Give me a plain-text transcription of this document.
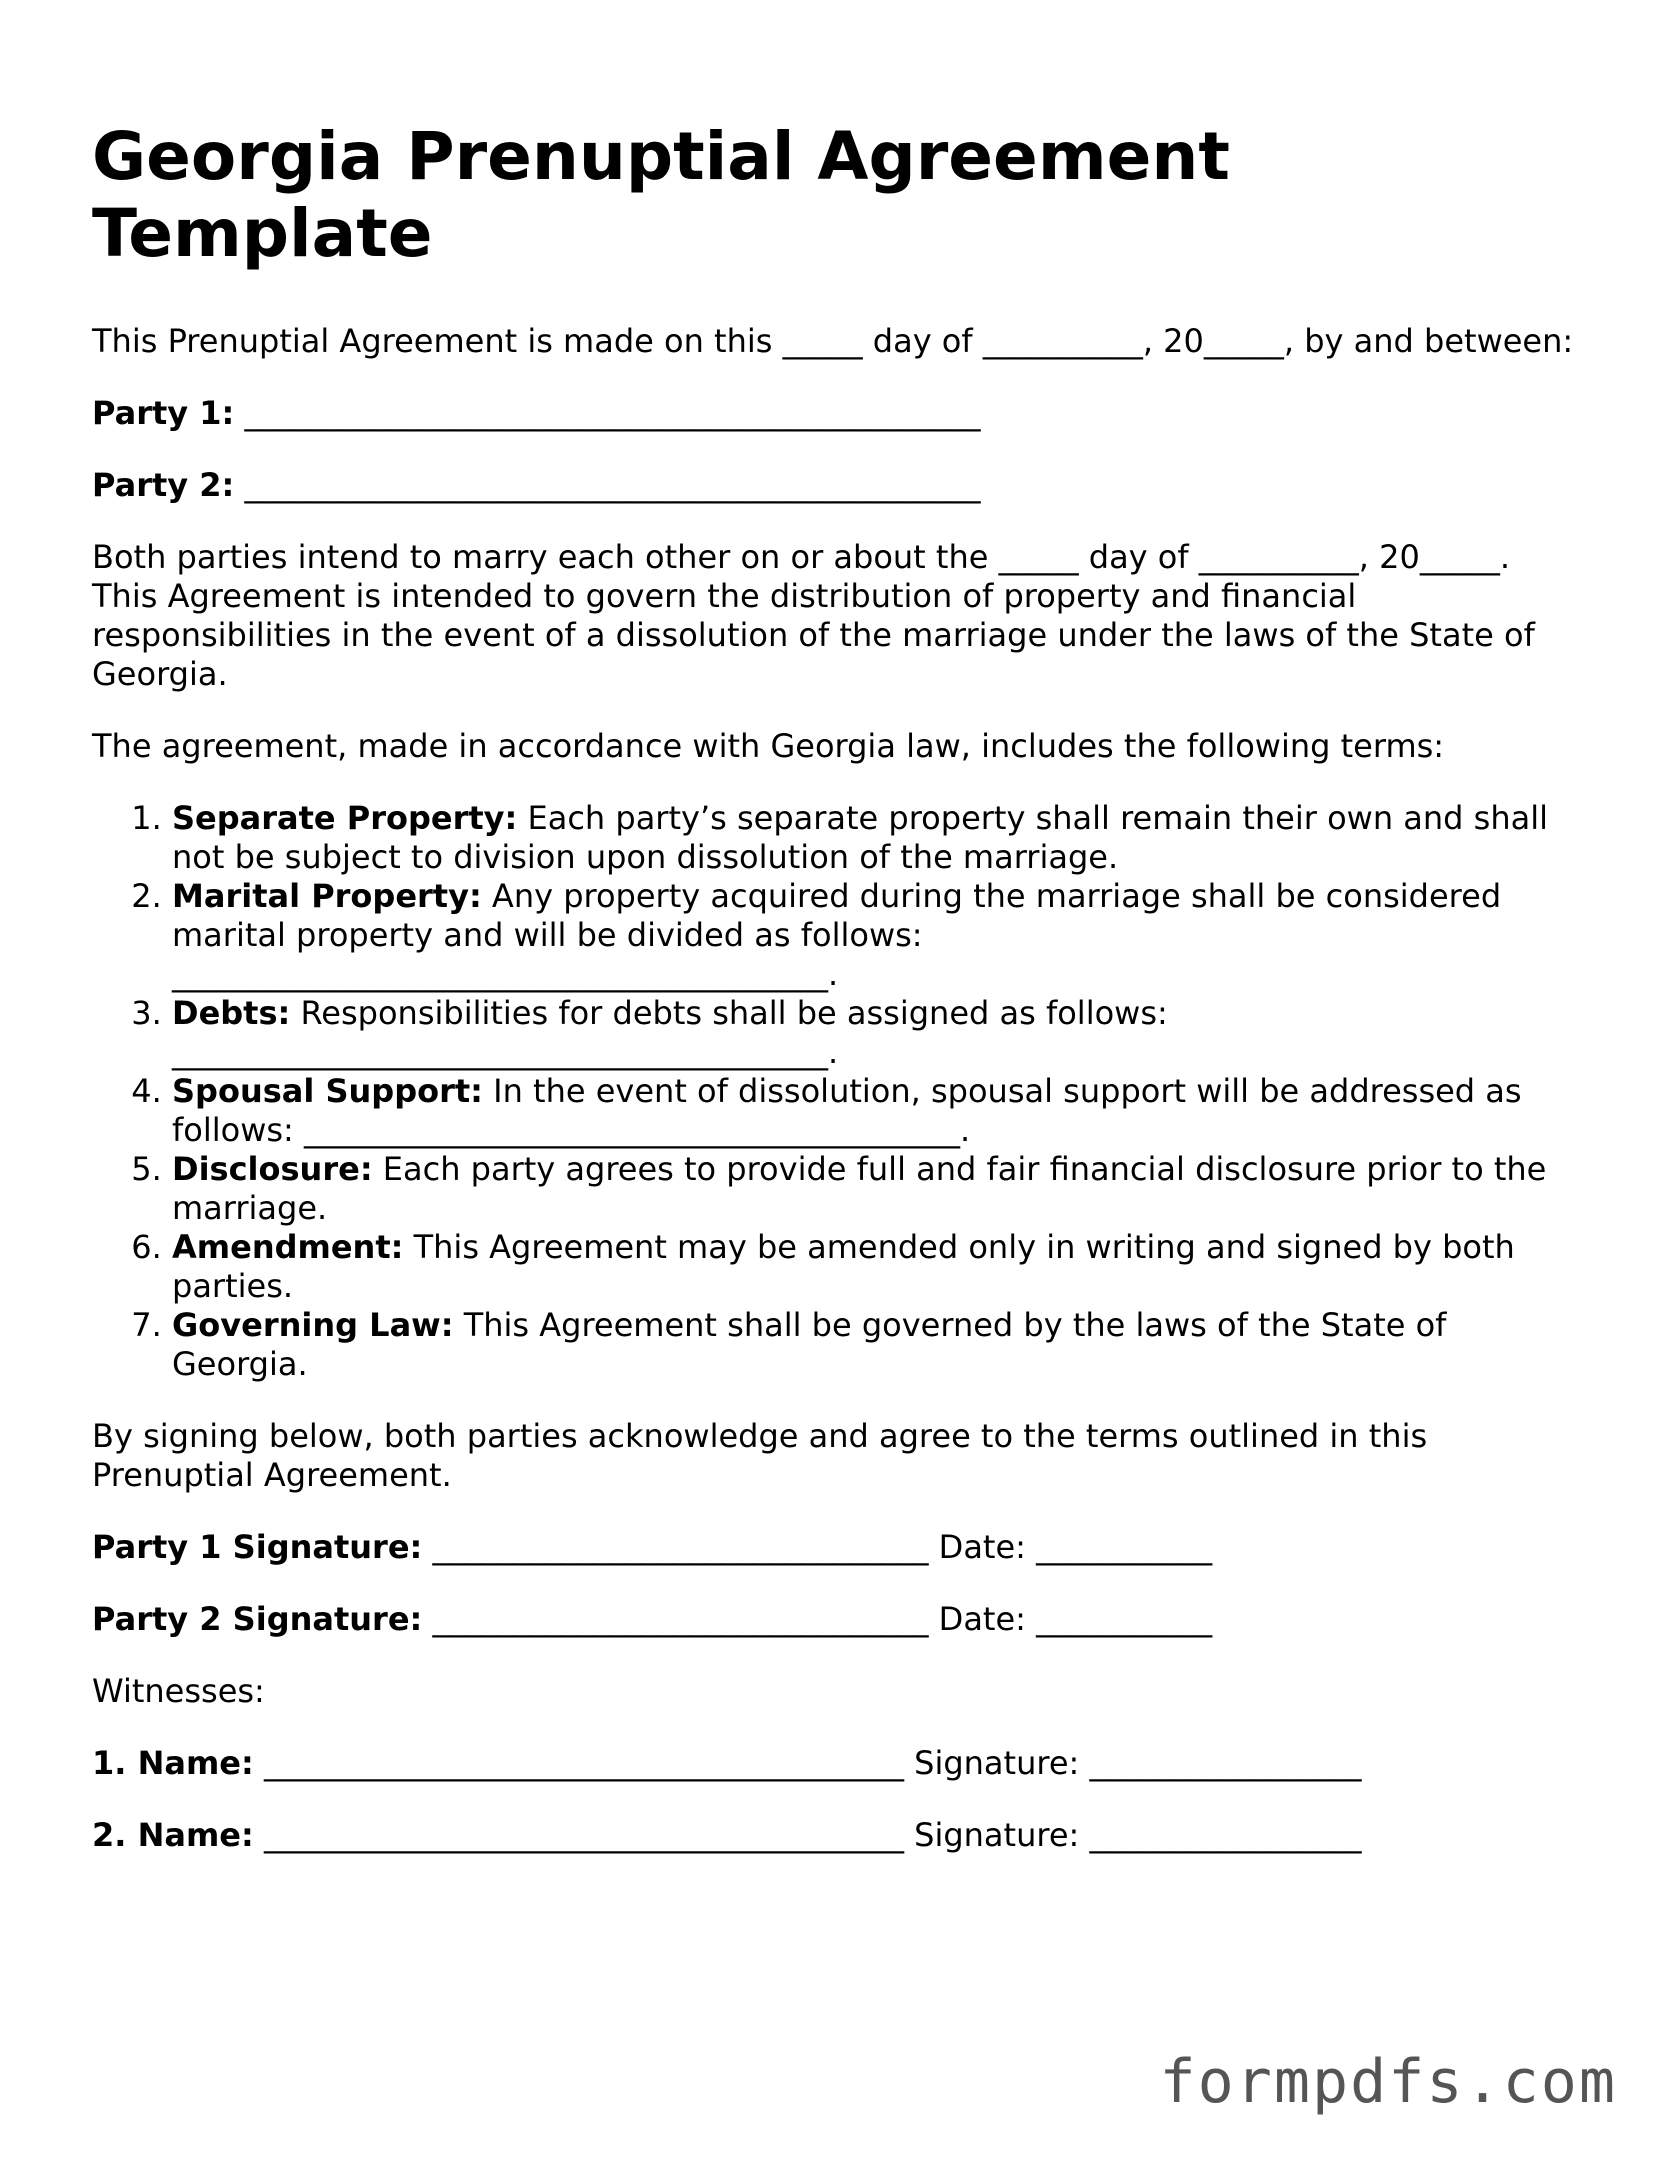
Georgia Prenuptial Agreement Template

This Prenuptial Agreement is made on this _____ day of __________, 20_____, by and between:

Party 1: ______________________________________________

Party 2: ______________________________________________

Both parties intend to marry each other on or about the _____ day of __________, 20_____. This Agreement is intended to govern the distribution of property and financial responsibilities in the event of a dissolution of the marriage under the laws of the State of Georgia.

The agreement, made in accordance with Georgia law, includes the following terms:

1. Separate Property: Each party’s separate property shall remain their own and shall not be subject to division upon dissolution of the marriage.
2. Marital Property: Any property acquired during the marriage shall be considered marital property and will be divided as follows: _________________________________________.
3. Debts: Responsibilities for debts shall be assigned as follows: _________________________________________.
4. Spousal Support: In the event of dissolution, spousal support will be addressed as follows: _________________________________________.
5. Disclosure: Each party agrees to provide full and fair financial disclosure prior to the marriage.
6. Amendment: This Agreement may be amended only in writing and signed by both parties.
7. Governing Law: This Agreement shall be governed by the laws of the State of Georgia.

By signing below, both parties acknowledge and agree to the terms outlined in this Prenuptial Agreement.

Party 1 Signature: _______________________________ Date: ___________

Party 2 Signature: _______________________________ Date: ___________

Witnesses:

1. Name: ________________________________________ Signature: _________________

2. Name: ________________________________________ Signature: _________________

formpdfs.com
